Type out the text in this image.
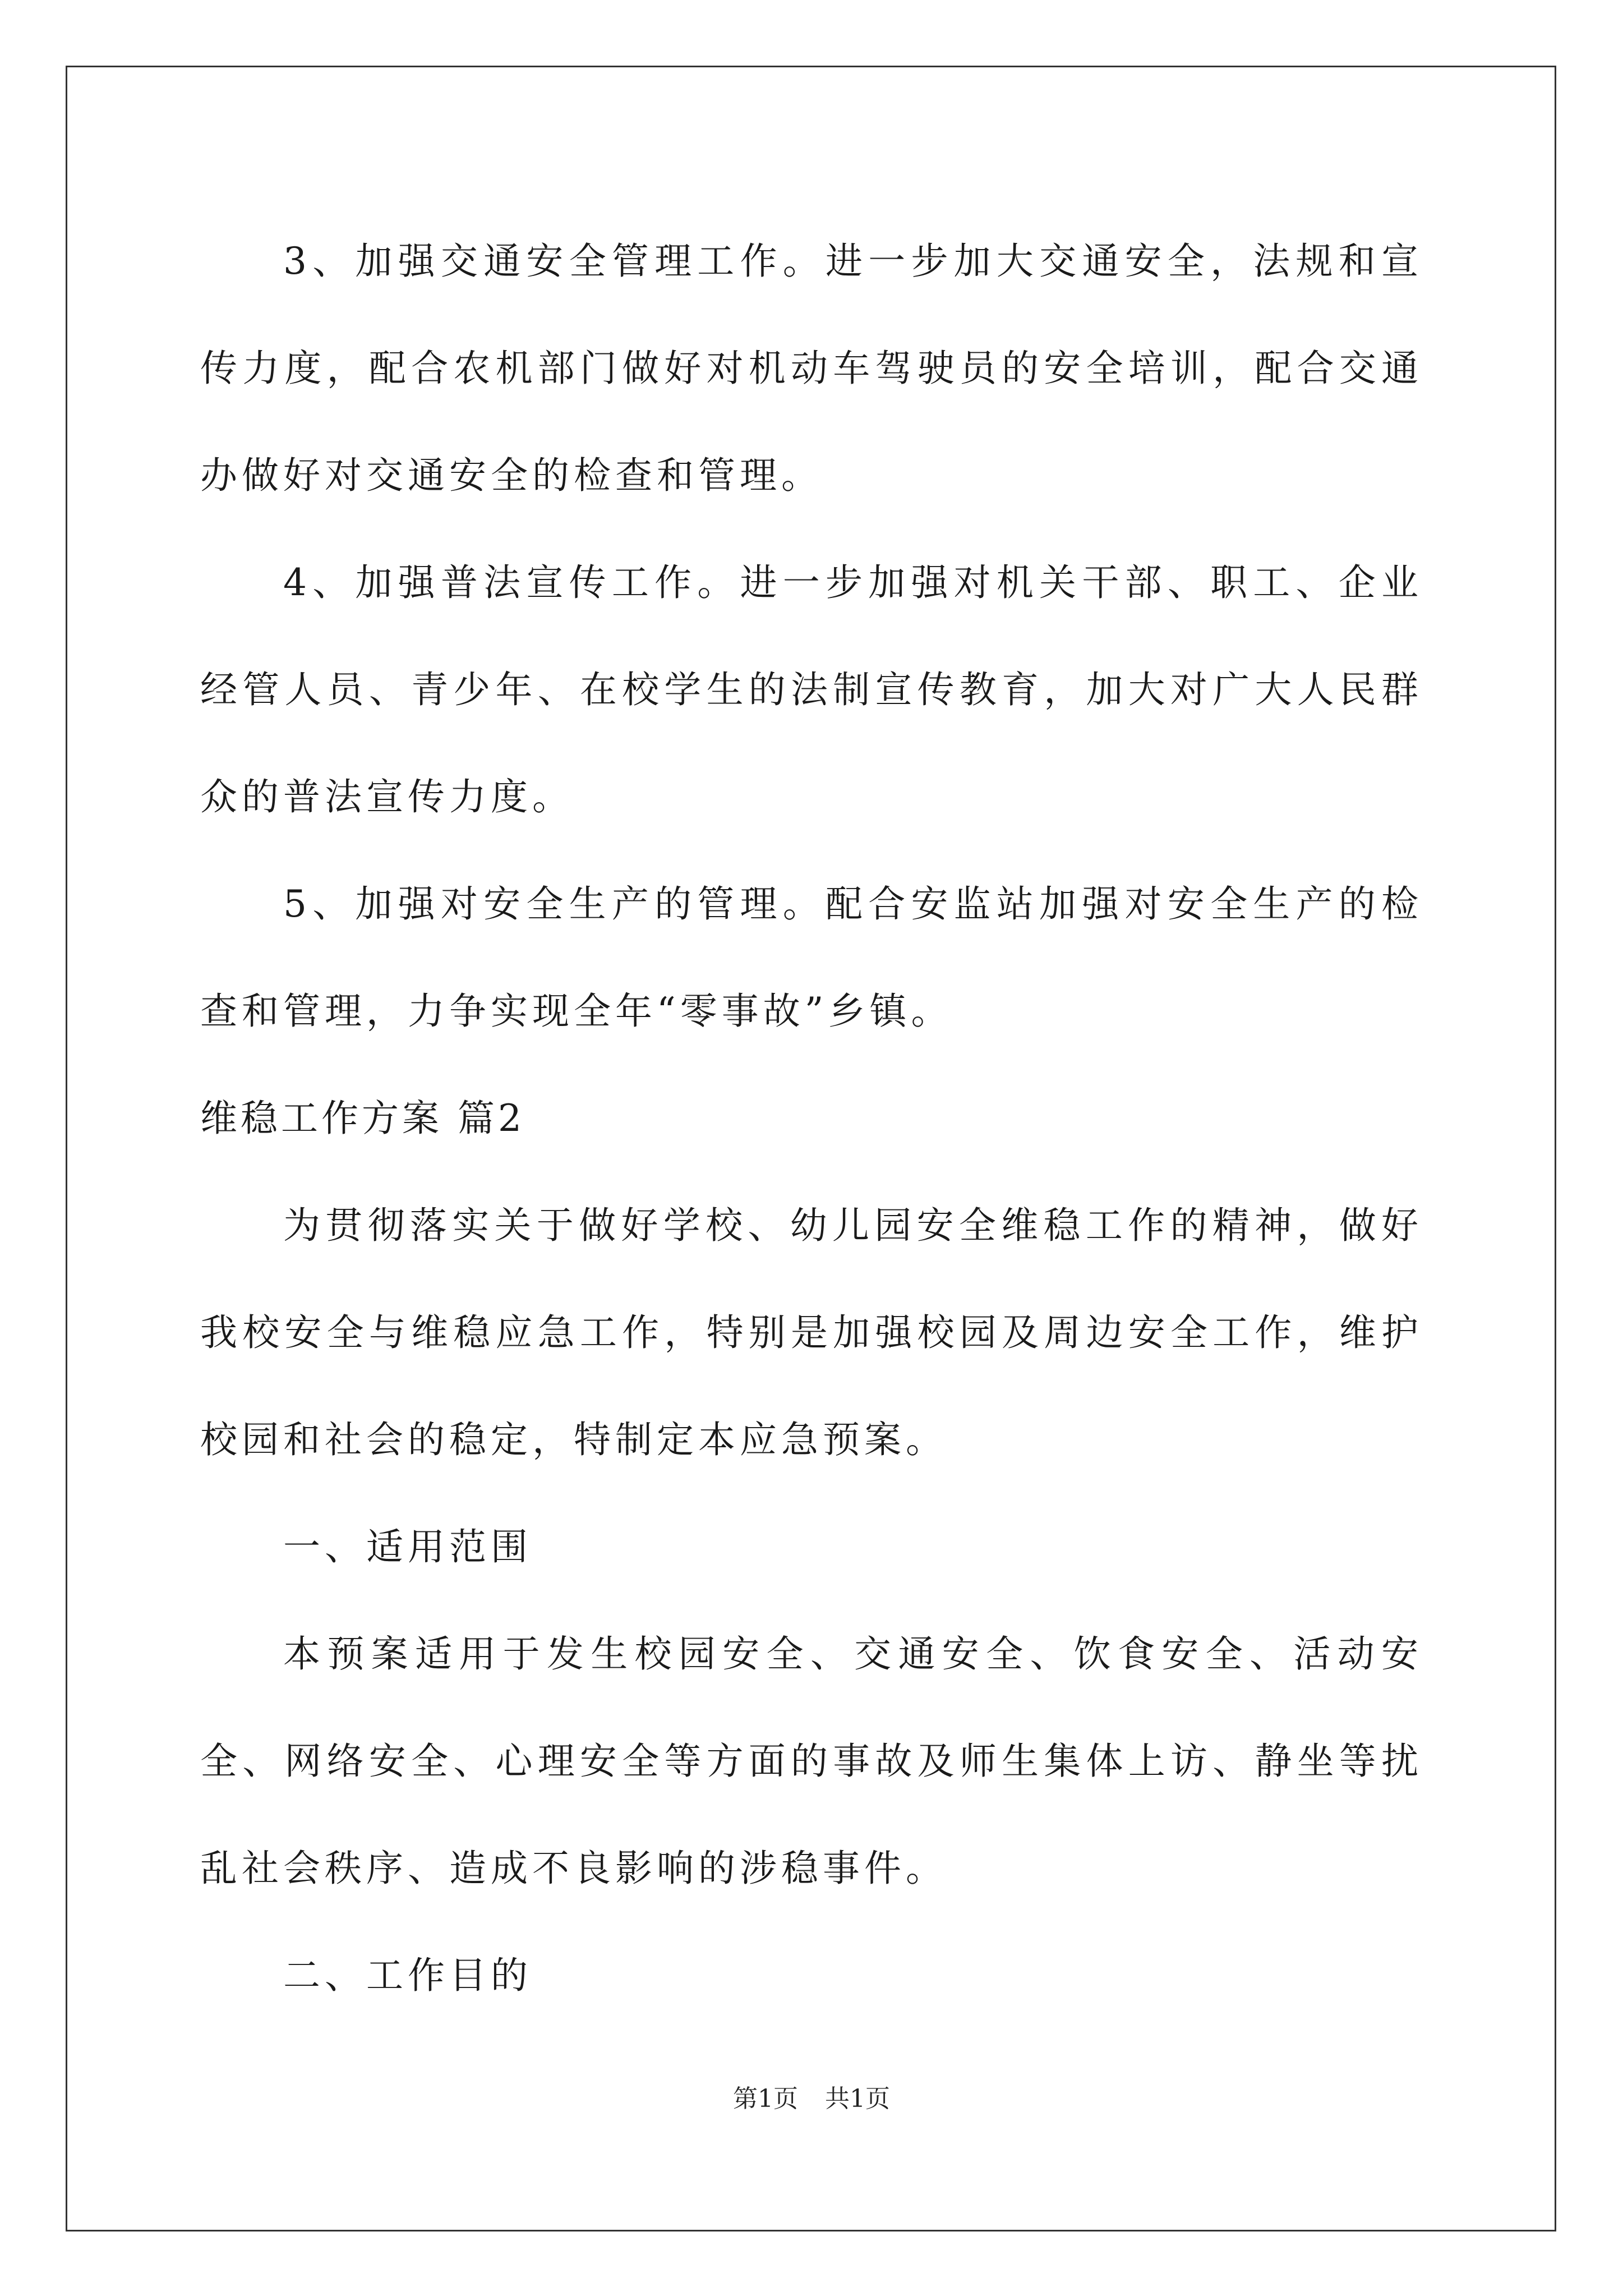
3、加强交通安全管理工作。进一步加大交通安全，法规和宣传力度，配合农机部门做好对机动车驾驶员的安全培训，配合交通办做好对交通安全的检查和管理。

4、加强普法宣传工作。进一步加强对机关干部、职工、企业经管人员、青少年、在校学生的法制宣传教育，加大对广大人民群众的普法宣传力度。

5、加强对安全生产的管理。配合安监站加强对安全生产的检查和管理，力争实现全年“零事故”乡镇。

维稳工作方案 篇2

为贯彻落实关于做好学校、幼儿园安全维稳工作的精神，做好我校安全与维稳应急工作，特别是加强校园及周边安全工作，维护校园和社会的稳定，特制定本应急预案。

一、适用范围

本预案适用于发生校园安全、交通安全、饮食安全、活动安全、网络安全、心理安全等方面的事故及师生集体上访、静坐等扰乱社会秩序、造成不良影响的涉稳事件。

二、工作目的

第1页 共1页
